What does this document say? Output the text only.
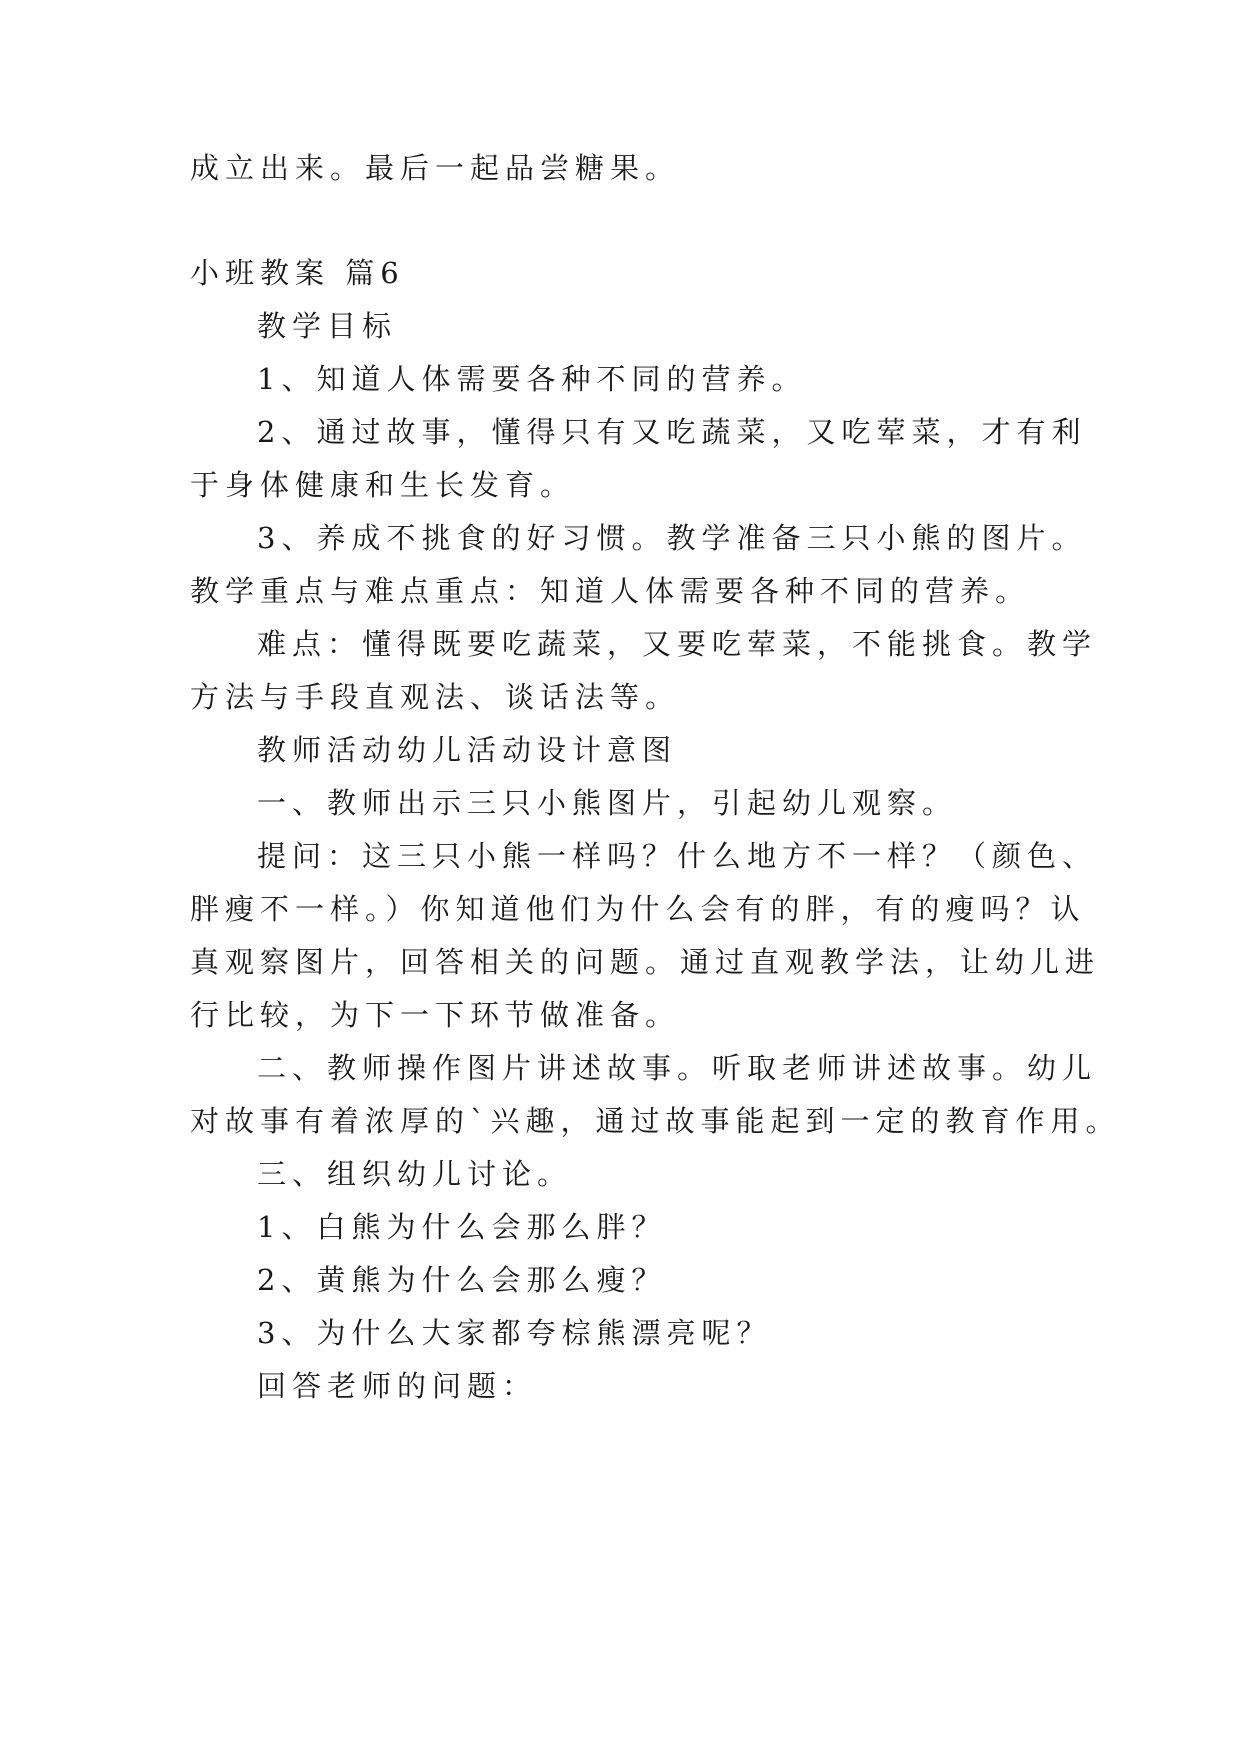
成立出来。最后一起品尝糖果。
小班教案 篇6
教学目标
1、知道人体需要各种不同的营养。
2、通过故事，懂得只有又吃蔬菜，又吃荤菜，才有利
于身体健康和生长发育。
3、养成不挑食的好习惯。教学准备三只小熊的图片。
教学重点与难点重点：知道人体需要各种不同的营养。
难点：懂得既要吃蔬菜，又要吃荤菜，不能挑食。教学
方法与手段直观法、谈话法等。
教师活动幼儿活动设计意图
一、教师出示三只小熊图片，引起幼儿观察。
提问：这三只小熊一样吗？什么地方不一样？（颜色、
胖瘦不一样。）你知道他们为什么会有的胖，有的瘦吗？认
真观察图片，回答相关的问题。通过直观教学法，让幼儿进
行比较，为下一下环节做准备。
二、教师操作图片讲述故事。听取老师讲述故事。幼儿
对故事有着浓厚的`兴趣，通过故事能起到一定的教育作用。
三、组织幼儿讨论。
1、白熊为什么会那么胖？
2、黄熊为什么会那么瘦？
3、为什么大家都夸棕熊漂亮呢？
回答老师的问题：
